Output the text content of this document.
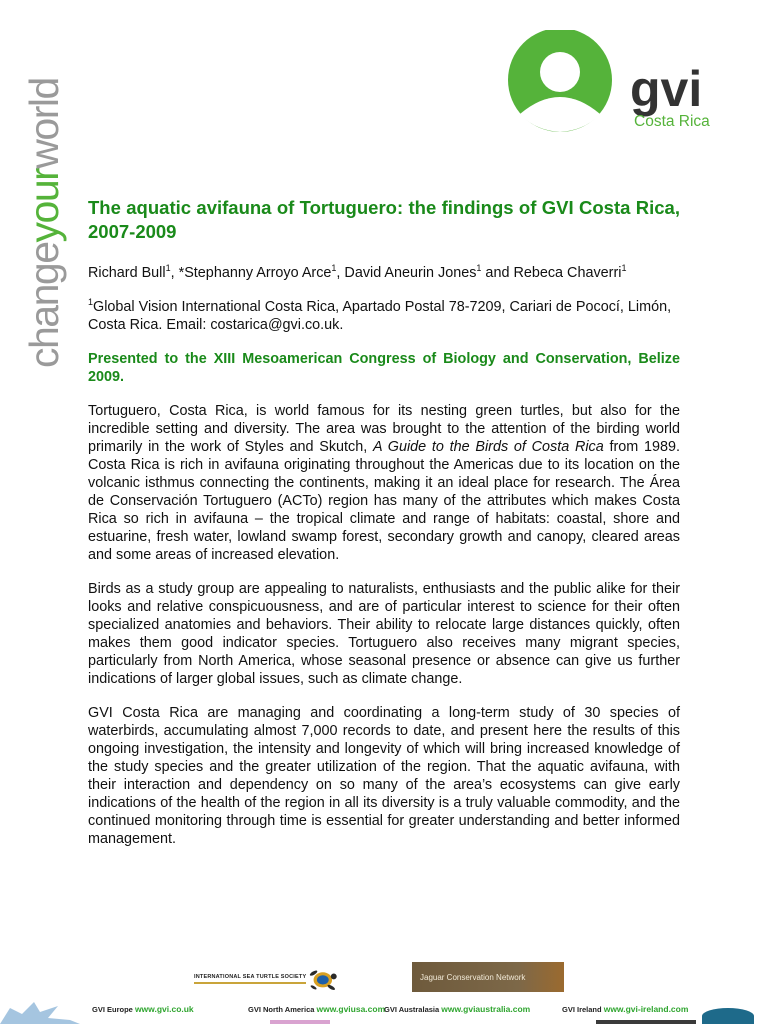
changeyourworld	gvi
Costa Rica
The aquatic avifauna of Tortuguero: the findings of GVI Costa Rica, 2007-2009

Richard Bull$^1$, *Stephanny Arroyo Arce$^1$, David Aneurin Jones$^1$ and Rebeca Chaverri$^1$

$^1$Global Vision International Costa Rica, Apartado Postal 78-7209, Cariari de Pococí, Limón, Costa Rica. Email: costarica@gvi.co.uk.

Presented to the XIII Mesoamerican Congress of Biology and Conservation, Belize 2009.

Tortuguero, Costa Rica, is world famous for its nesting green turtles, but also for the incredible setting and diversity. The area was brought to the attention of the birding world primarily in the work of Styles and Skutch, A Guide to the Birds of Costa Rica from 1989. Costa Rica is rich in avifauna originating throughout the Americas due to its location on the volcanic isthmus connecting the continents, making it an ideal place for research. The Área de Conservación Tortuguero (ACTo) region has many of the attributes which makes Costa Rica so rich in avifauna – the tropical climate and range of habitats: coastal, shore and estuarine, fresh water, lowland swamp forest, secondary growth and canopy, cleared areas and some areas of increased elevation.

Birds as a study group are appealing to naturalists, enthusiasts and the public alike for their looks and relative conspicuousness, and are of particular interest to science for their often specialized anatomies and behaviors. Their ability to relocate large distances quickly, often makes them good indicator species. Tortuguero also receives many migrant species, particularly from North America, whose seasonal presence or absence can give us further indications of larger global issues, such as climate change.

GVI Costa Rica are managing and coordinating a long-term study of 30 species of waterbirds, accumulating almost 7,000 records to date, and present here the results of this ongoing investigation, the intensity and longevity of which will bring increased knowledge of the study species and the greater utilization of the region. That the aquatic avifauna, with their interaction and dependency on so many of the area’s ecosystems can give early indications of the health of the region in all its diversity is a truly valuable commodity, and the continued monitoring through time is essential for greater understanding and better informed management.

INTERNATIONAL SEA TURTLE SOCIETY	Jaguar Conservation Network
GVI Europe www.gvi.co.uk	GVI North America www.gviusa.com
GVI Australasia www.gviaustralia.com	GVI Ireland www.gvi-ireland.com
